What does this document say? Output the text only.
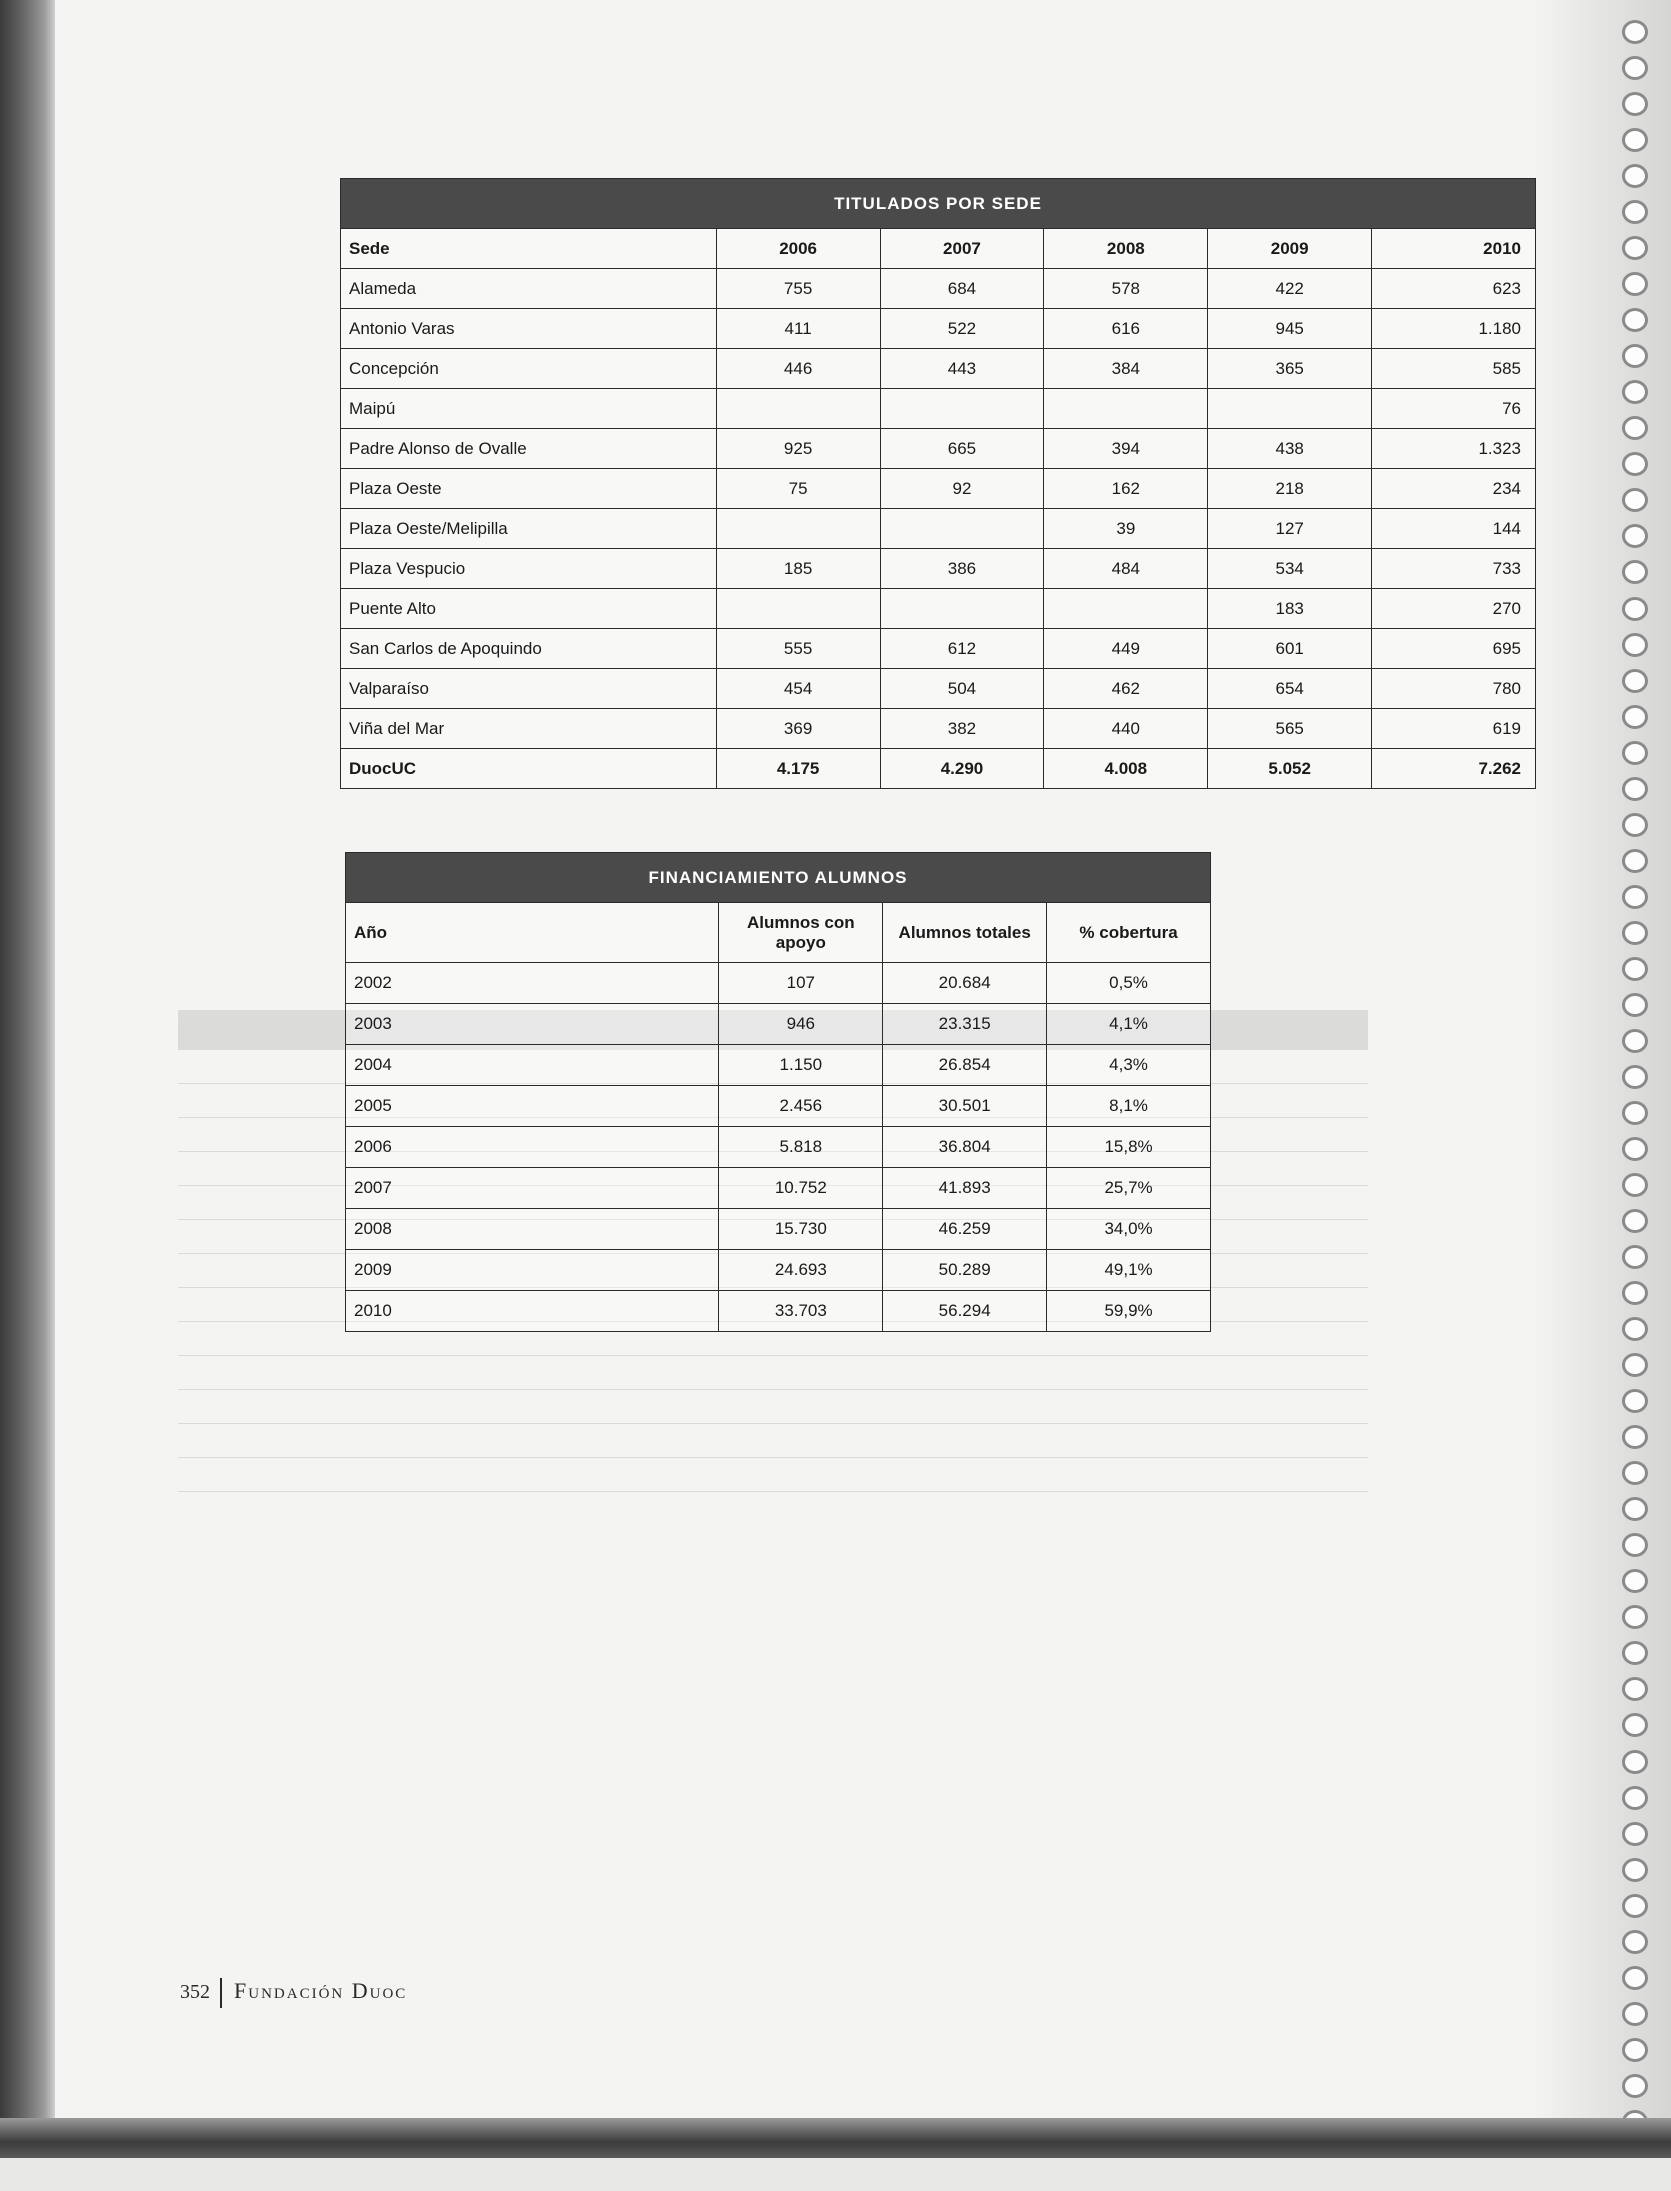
TITULADOS POR SEDE					
Sede	2006	2007	2008	2009	2010
Alameda	755	684	578	422	623
Antonio Varas	411	522	616	945	1.180
Concepción	446	443	384	365	585
Maipú					76
Padre Alonso de Ovalle	925	665	394	438	1.323
Plaza Oeste	75	92	162	218	234
Plaza Oeste/Melipilla			39	127	144
Plaza Vespucio	185	386	484	534	733
Puente Alto				183	270
San Carlos de Apoquindo	555	612	449	601	695
Valparaíso	454	504	462	654	780
Viña del Mar	369	382	440	565	619
DuocUC	4.175	4.290	4.008	5.052	7.262
FINANCIAMIENTO ALUMNOS			
Año	Alumnos con apoyo	Alumnos totales	% cobertura
2002	107	20.684	0,5%
2003	946	23.315	4,1%
2004	1.150	26.854	4,3%
2005	2.456	30.501	8,1%
2006	5.818	36.804	15,8%
2007	10.752	41.893	25,7%
2008	15.730	46.259	34,0%
2009	24.693	50.289	49,1%
2010	33.703	56.294	59,9%
352 Fundación Duoc
